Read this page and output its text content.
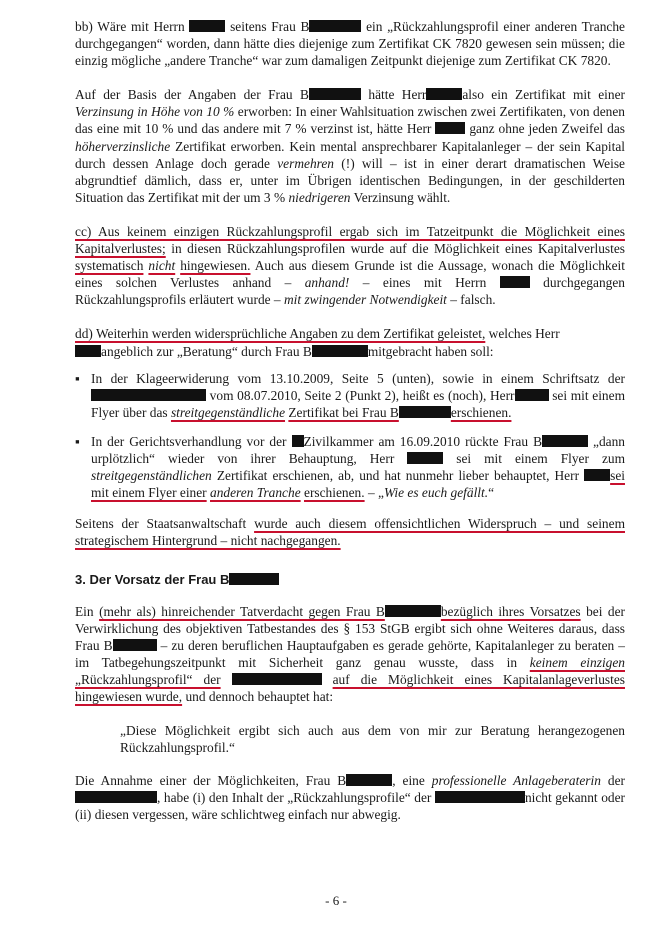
bb) Wäre mit Herrn	seitens Frau B	ein „Rückzahlungsprofil einer anderen Tranche durchgegangen“ worden, dann hätte dies diejenige zum Zertifikat CK 7820 gewesen sein müssen; die einzig mögliche „andere Tranche“ war zum damaligen Zeitpunkt diejenige zum Zertifikat CK 7820.

Auf der Basis der Angaben der Frau B	hätte Herr	also ein Zertifikat mit einer Verzinsung in Höhe von 10 % erworben: In einer Wahlsituation zwischen zwei Zertifikaten, von denen das eine mit 10 % und das andere mit 7 % verzinst ist, hätte Herr	ganz ohne jeden Zweifel das höherverzinsliche Zertifikat erworben. Kein mental ansprechbarer Kapitalanleger – der sein Kapital durch dessen Anlage doch gerade vermehren (!) will – ist in einer derart dramatischen Weise abgrundtief dämlich, dass er, unter im Übrigen identischen Bedingungen, in der geschilderten Situation das Zertifikat mit der um 3 % niedrigeren Verzinsung wählt.

cc) Aus keinem einzigen Rückzahlungsprofil ergab sich im Tatzeitpunkt die Möglichkeit eines Kapitalverlustes; in diesen Rückzahlungsprofilen wurde auf die Möglichkeit eines Kapitalverlustes systematisch nicht hingewiesen. Auch aus diesem Grunde ist die Aussage, wonach die Möglichkeit eines solchen Verlustes anhand – anhand! – eines mit Herrn	durchgegangen Rückzahlungsprofils erläutert wurde – mit zwingender Notwendigkeit – falsch.

dd) Weiterhin werden widersprüchliche Angaben zu dem Zertifikat geleistet, welches Herr
angeblich zur „Beratung“ durch Frau B	mitgebracht haben soll:

▪ In der Klageerwiderung vom 13.10.2009, Seite 5 (unten), sowie in einem Schriftsatz der  vom 08.07.2010, Seite 2 (Punkt 2), heißt es (noch), Herr	sei mit einem Flyer über das streitgegenständliche Zertifikat bei Frau B	erschienen.
▪ In der Gerichtsverhandlung vor der Zivilkammer am 16.09.2010 rückte Frau B	„dann urplötzlich“ wieder von ihrer Behauptung, Herr	sei mit einem Flyer zum streitgegenständlichen Zertifikat erschienen, ab, und hat nunmehr lieber behauptet, Herr sei mit einem Flyer einer anderen Tranche erschienen. – „Wie es euch gefällt.“

Seitens der Staatsanwaltschaft wurde auch diesem offensichtlichen Widerspruch – und seinem strategischem Hintergrund – nicht nachgegangen.

3. Der Vorsatz der Frau B

Ein (mehr als) hinreichender Tatverdacht gegen Frau B	bezüglich ihres Vorsatzes bei der Verwirklichung des objektiven Tatbestandes des § 153 StGB ergibt sich ohne Weiteres daraus, dass Frau B	– zu deren beruflichen Hauptaufgaben es gerade gehörte, Kapitalanleger zu beraten – im Tatbegehungszeitpunkt mit Sicherheit ganz genau wusste, dass in keinem einzigen „Rückzahlungsprofil“ der	auf die Möglichkeit eines Kapitalanlageverlustes hingewiesen wurde, und dennoch behauptet hat:

„Diese Möglichkeit ergibt sich auch aus dem von mir zur Beratung herangezogenen Rückzahlungsprofil.“

Die Annahme einer der Möglichkeiten, Frau B	, eine professionelle Anlageberaterin der, habe (i) den Inhalt der „Rückzahlungsprofile“ der	nicht gekannt oder (ii) diesen vergessen, wäre schlichtweg einfach nur abwegig.

- 6 -
